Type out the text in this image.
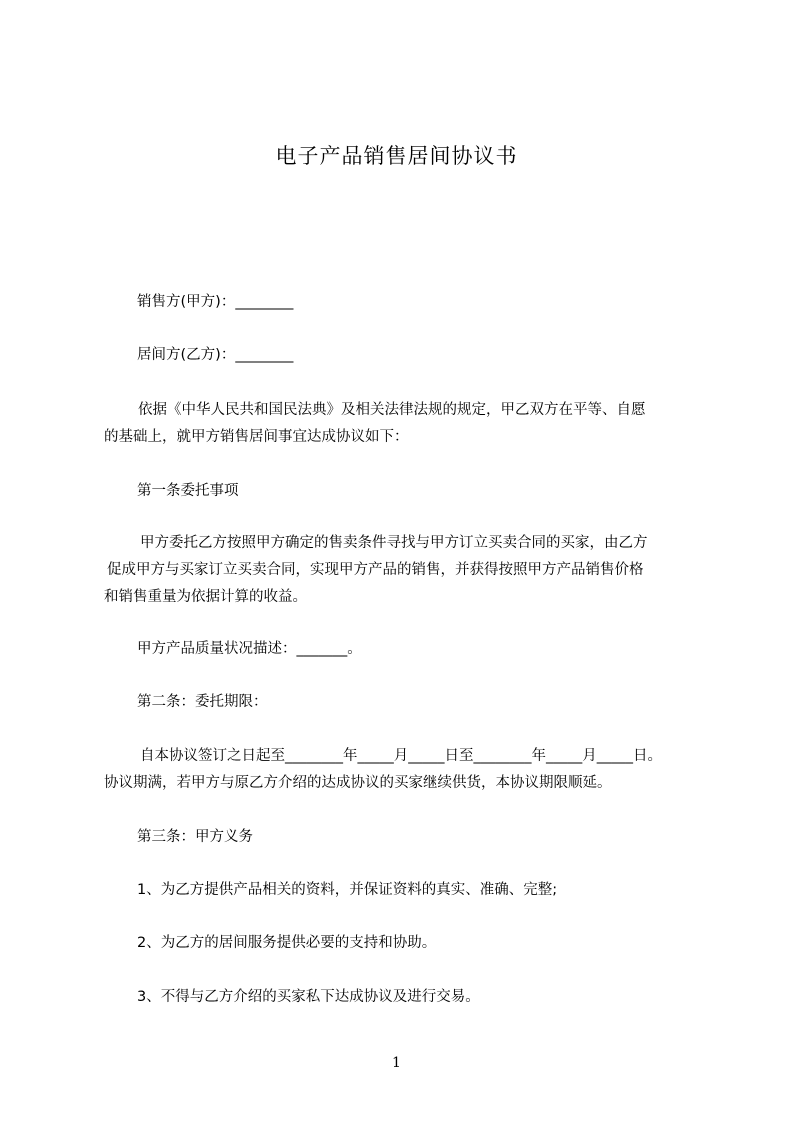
电子产品销售居间协议书
销售方(甲方)：________
居间方(乙方)：________
依据《中华人民共和国民法典》及相关法律法规的规定，甲乙双方在平等、自愿
的基础上，就甲方销售居间事宜达成协议如下：
第一条委托事项
甲方委托乙方按照甲方确定的售卖条件寻找与甲方订立买卖合同的买家，由乙方
促成甲方与买家订立买卖合同，实现甲方产品的销售，并获得按照甲方产品销售价格
和销售重量为依据计算的收益。
甲方产品质量状况描述：_______。
第二条：委托期限：
自本协议签订之日起至________年_____月_____日至________年_____月_____日。
协议期满，若甲方与原乙方介绍的达成协议的买家继续供货，本协议期限顺延。
第三条：甲方义务
1、为乙方提供产品相关的资料，并保证资料的真实、准确、完整;
2、为乙方的居间服务提供必要的支持和协助。
3、不得与乙方介绍的买家私下达成协议及进行交易。
1
